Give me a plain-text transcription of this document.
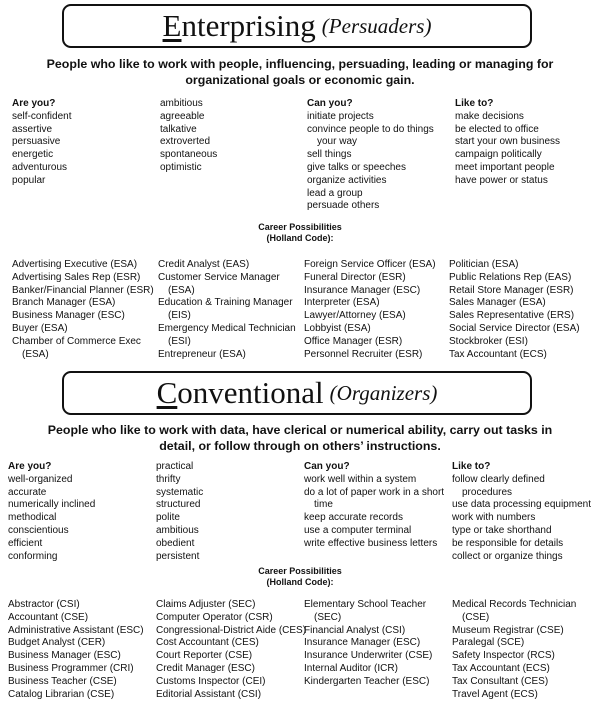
Enterprising (Persuaders)
People who like to work with people, influencing, persuading, leading or managing for
organizational goals or economic gain.
Are you?
self-confident
assertive
persuasive
energetic
adventurous
popular
ambitious
agreeable
talkative
extroverted
spontaneous
optimistic
Can you?
initiate projects
convince people to do things
your way
sell things
give talks or speeches
organize activities
lead a group
persuade others
Like to?
make decisions
be elected to office
start your own business
campaign politically
meet important people
have power or status
Career Possibilities
(Holland Code):
Advertising Executive (ESA)
Advertising Sales Rep (ESR)
Banker/Financial Planner (ESR)
Branch Manager (ESA)
Business Manager (ESC)
Buyer (ESA)
Chamber of Commerce Exec
(ESA)
Credit Analyst (EAS)
Customer Service Manager
(ESA)
Education & Training Manager
(EIS)
Emergency Medical Technician
(ESI)
Entrepreneur (ESA)
Foreign Service Officer (ESA)
Funeral Director (ESR)
Insurance Manager (ESC)
Interpreter (ESA)
Lawyer/Attorney (ESA)
Lobbyist (ESA)
Office Manager (ESR)
Personnel Recruiter (ESR)
Politician (ESA)
Public Relations Rep (EAS)
Retail Store Manager (ESR)
Sales Manager (ESA)
Sales Representative (ERS)
Social Service Director (ESA)
Stockbroker (ESI)
Tax Accountant (ECS)
Conventional (Organizers)
People who like to work with data, have clerical or numerical ability, carry out tasks in
detail, or follow through on others’ instructions.
Are you?
well-organized
accurate
numerically inclined
methodical
conscientious
efficient
conforming
practical
thrifty
systematic
structured
polite
ambitious
obedient
persistent
Can you?
work well within a system
do a lot of paper work in a short
time
keep accurate records
use a computer terminal
write effective business letters
Like to?
follow clearly defined
procedures
use data processing equipment
work with numbers
type or take shorthand
be responsible for details
collect or organize things
Career Possibilities
(Holland Code):
Abstractor (CSI)
Accountant (CSE)
Administrative Assistant (ESC)
Budget Analyst (CER)
Business Manager (ESC)
Business Programmer (CRI)
Business Teacher (CSE)
Catalog Librarian (CSE)
Claims Adjuster (SEC)
Computer Operator (CSR)
Congressional-District Aide (CES)
Cost Accountant (CES)
Court Reporter (CSE)
Credit Manager (ESC)
Customs Inspector (CEI)
Editorial Assistant (CSI)
Elementary School Teacher
(SEC)
Financial Analyst (CSI)
Insurance Manager (ESC)
Insurance Underwriter (CSE)
Internal Auditor (ICR)
Kindergarten Teacher (ESC)
Medical Records Technician
(CSE)
Museum Registrar (CSE)
Paralegal (SCE)
Safety Inspector (RCS)
Tax Accountant (ECS)
Tax Consultant (CES)
Travel Agent (ECS)
